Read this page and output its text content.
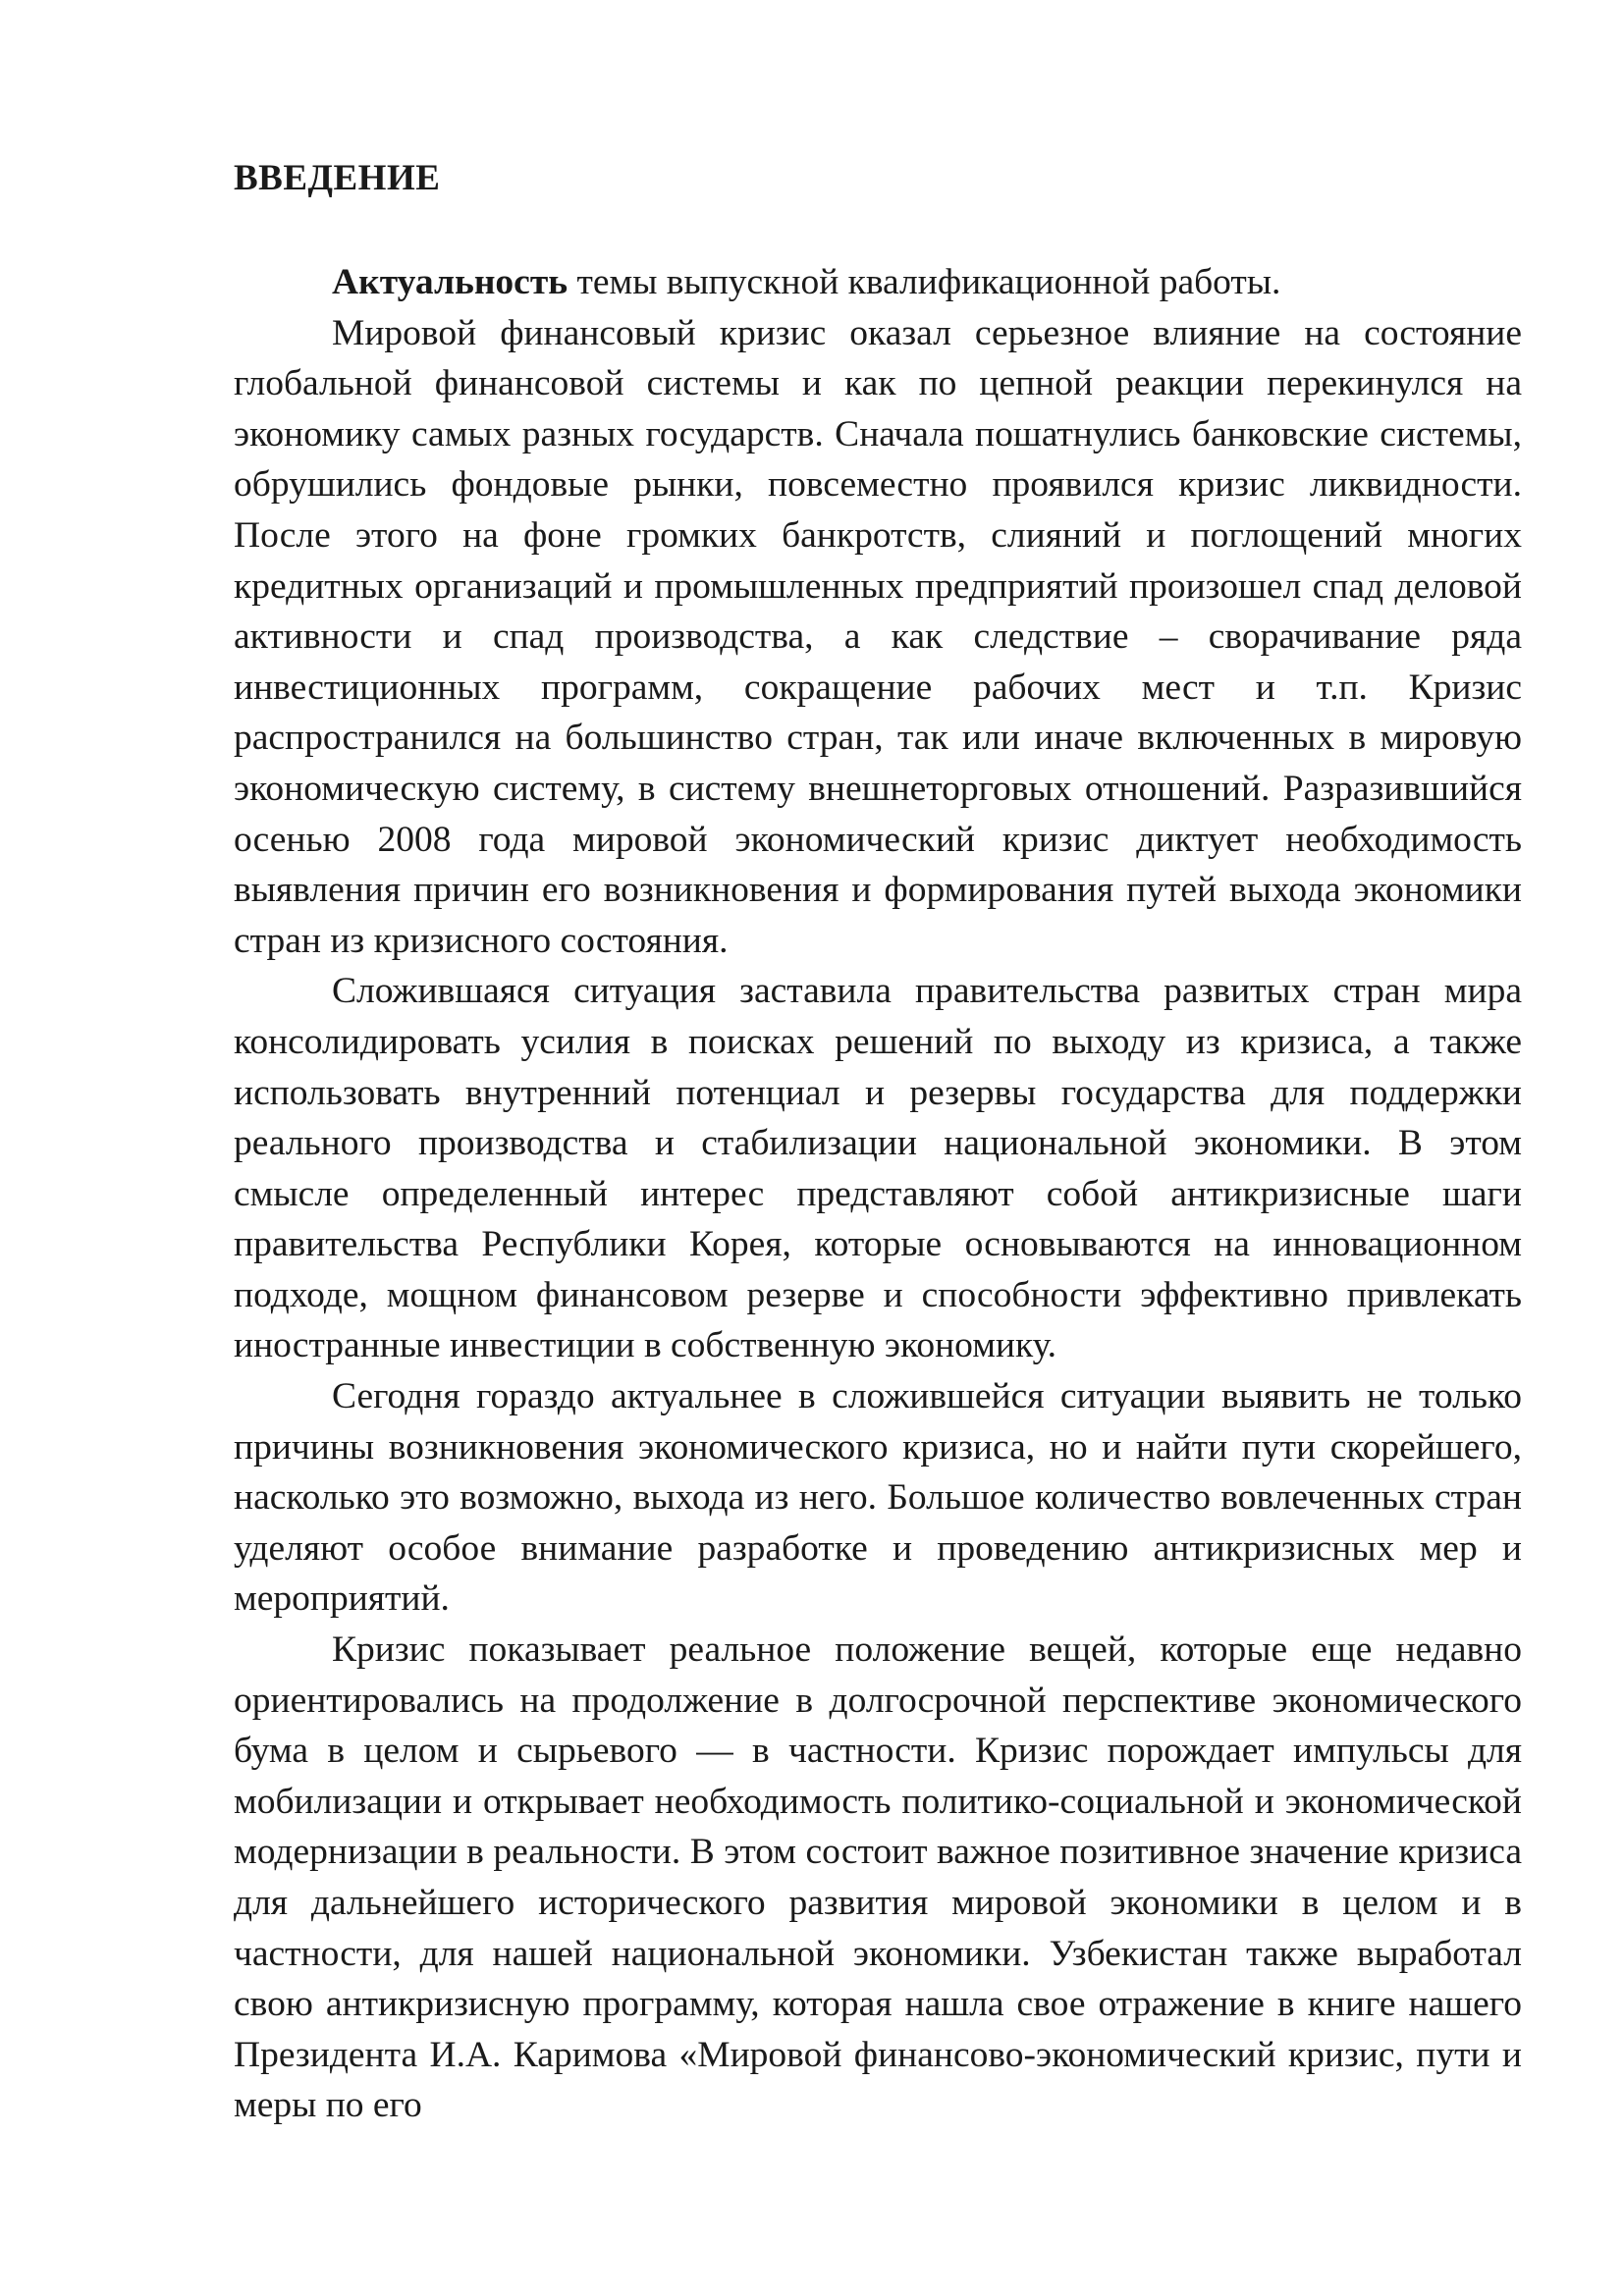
ВВЕДЕНИЕ

Актуальность темы выпускной квалификационной работы.

Мировой финансовый кризис оказал серьезное влияние на состояние глобальной финансовой системы и как по цепной реакции перекинулся на экономику самых разных государств. Сначала пошатнулись банковские системы, обрушились фондовые рынки, повсеместно проявился кризис ликвидности. После этого на фоне громких банкротств, слияний и поглощений многих кредитных организаций и промышленных предприятий произошел спад деловой активности и спад производства, а как следствие – сворачивание ряда инвестиционных программ, сокращение рабочих мест и т.п. Кризис распространился на большинство стран, так или иначе включенных в мировую экономическую систему, в систему внешнеторговых отношений. Разразившийся осенью 2008 года мировой экономический кризис диктует необходимость выявления причин его возникновения и формирования путей выхода экономики стран из кризисного состояния.

Сложившаяся ситуация заставила правительства развитых стран мира консолидировать усилия в поисках решений по выходу из кризиса, а также использовать внутренний потенциал и резервы государства для поддержки реального производства и стабилизации национальной экономики. В этом смысле определенный интерес представляют собой антикризисные шаги правительства Республики Корея, которые основываются на инновационном подходе, мощном финансовом резерве и способности эффективно привлекать иностранные инвестиции в собственную экономику.

Сегодня гораздо актуальнее в сложившейся ситуации выявить не только причины возникновения экономического кризиса, но и найти пути скорейшего, насколько это возможно, выхода из него. Большое количество вовлеченных стран уделяют особое внимание разработке и проведению антикризисных мер и мероприятий.

Кризис показывает реальное положение вещей, которые еще недавно ориентировались на продолжение в долгосрочной перспективе экономического бума в целом и сырьевого — в частности. Кризис порождает импульсы для мобилизации и открывает необходимость политико-социальной и экономической модернизации в реальности. В этом состоит важное позитивное значение кризиса для дальнейшего исторического развития мировой экономики в целом и в частности, для нашей национальной экономики. Узбекистан также выработал свою антикризисную программу, которая нашла свое отражение в книге нашего Президента И.А. Каримова «Мировой финансово-экономический кризис, пути и меры по его
